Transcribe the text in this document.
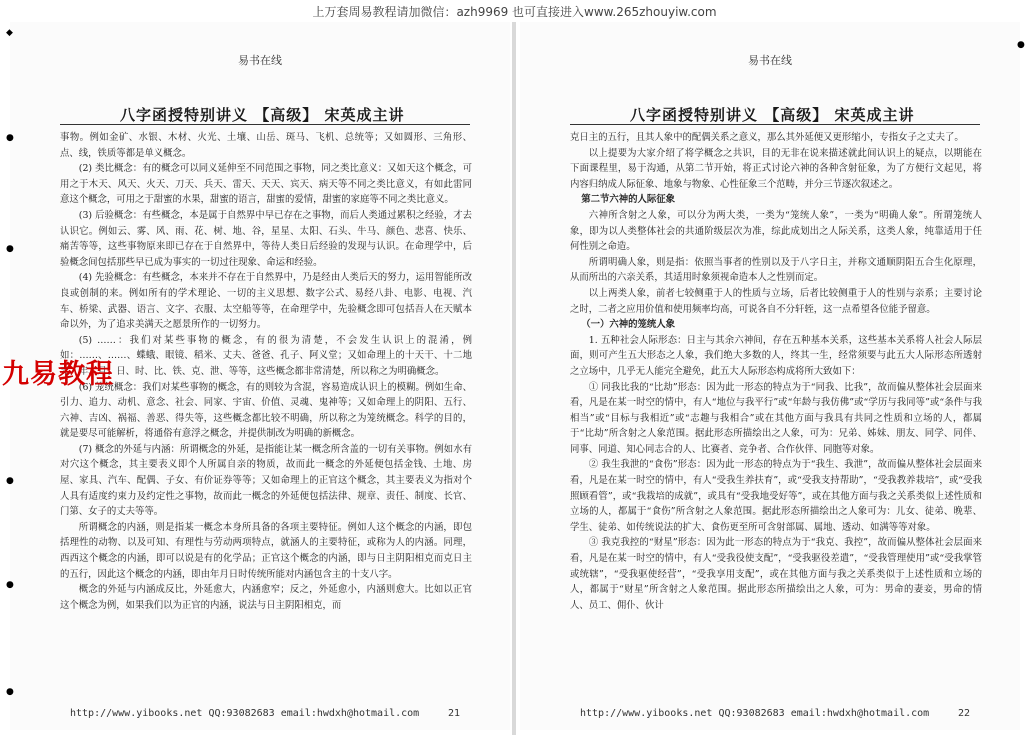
上万套周易教程请加微信：azh9969 也可直接进入www.265zhouyiw.com
易书在线
八字函授特别讲义 【高级】 宋英成主讲

事物。例如金矿、水银、木材、火光、土壤、山岳、斑马、飞机、总统等；又如圆形、三角形、点、线，铁质等都是单义概念。

(2) 类比概念：有的概念可以同义延伸至不同范围之事物，同之类比意义：又如天这个概念，可用之于木天、风天、火天、刀天、兵天、雷天、天天、宾天、病天等不同之类比意义，有如此雷同意这个概念，可用之于甜蜜的水果，甜蜜的语言，甜蜜的爱情，甜蜜的家庭等不同之类比意义。

(3) 后验概念：有些概念，本是属于自然界中早已存在之事物，而后人类通过累积之经验，才去认识它。例如云、雾、风、雨、花、树、地、谷，星星、太阳、石头、牛马、颜色、悲喜、快乐、痛苦等等，这些事物原来即已存在于自然界中，等待人类日后经验的发现与认识。在命理学中，后验概念间包括那些早已成为事实的一切过往现象、命运和经验。

(4) 先验概念：有些概念，本来并不存在于自然界中，乃是经由人类后天的努力，运用智能所改良或创制的来。例如所有的学术理论、一切的主义思想、数字公式、易经八卦、电影、电视、汽车、桥梁、武器、语言、文字、衣服、太空船等等，在命理学中，先验概念即可包括吾人在天赋本命以外，为了追求美满天之愿景所作的一切努力。

(5) ……：我们对某些事物的概念，有的很为清楚，不会发生认识上的混淆，例如：……、……、蝶蛾、眼镜、稻米、丈夫、爸爸、孔子、阿义堂；又如命理上的十天干、十二地支、年、月、日、时、比、铁、克、泄、等等，这些概念都非常清楚，所以称之为明确概念。

(6) 笼统概念：我们对某些事物的概念，有的则较为含混，容易造成认识上的模糊。例如生命、引力、追力、动机、意念、社会、同家、宇宙、价值、灵魂、鬼神等；又如命理上的阴阳、五行、六神、吉凶、祸福、善恶、得失等，这些概念都比较不明确，所以称之为笼统概念。科学的目的，就是要尽可能解析，将通俗有意浮之概念，并提供制改为明确的新概念。

(7) 概念的外延与内涵：所谓概念的外延，是指能让某一概念所含盖的一切有关事物。例如水有对穴这个概念，其主要表义即个人所属自亲的物质，故而此一概念的外延便包括金钱、土地、房屋、家具、汽车、配偶、子女、有价证券等等；又如命理上的正官这个概念，其主要表义为指对个人具有适度约束力及约定性之事物，故而此一概念的外延便包括法律、规章、责任、制度、长官、门第、女子的丈夫等等。

所谓概念的内涵，则是指某一概念本身所具备的各项主要特征。例如人这个概念的内涵，即包括理性的动物、以及可知、有理性与劳动两项特点，就涵人的主要特征，或称为人的内涵。同理，西西这个概念的内涵，即可以说是有的化学品；正官这个概念的内涵，即与日主阴阳相克而克日主的五行，因此这个概念的内涵，即由年月日时传统所能对内涵包含主的十支八字。

概念的外延与内涵成反比，外延愈大，内涵愈窄；反之，外延愈小，内涵则愈大。比如以正官这个概念为例，如果我们以为正官的内涵，说法与日主阴阳相克，而

http://www.yibooks.net QQ:93082683 email:hwdxh@hotmail.com	21
易书在线
八字函授特别讲义 【高级】 宋英成主讲

克日主的五行，且其人象中的配偶关系之意义，那么其外延便又更形缩小，专指女子之丈夫了。

以上提要为大家介绍了将学概念之共识，目的无非在说来描述就此间认识上的疑点，以期能在下面课程里，易于沟通，从第二节开始，将正式讨论六神的各种含射征象，为了方便行文起见，将内容归纳成人际征象、地象与物象、心性征象三个范畴，并分三节逐次叙述之。

第二节六神的人际征象

六神所含射之人象，可以分为两大类，一类为“笼统人象”，一类为“明确人象”。所谓笼统人象，即为以人类整体社会的共通阶级层次为准，综此成划出之人际关系，这类人象，纯靠适用于任何性别之命造。

所谓明确人象，则是指：依照当事者的性别以及于八字日主，并称文通顺阴阳五合生化原理，从而所出的六亲关系，其适用时象须视命造本人之性别而定。

以上两类人象，前者七较侧重于人的性质与立场，后者比较侧重于人的性别与亲系；主要讨论之时，二者之应用价值和使用频率均高，可说各自不分轩轾，这一点希望各位能予留意。

（一）六神的笼统人象

1. 五种社会人际形态：日主与其余六神间，存在五种基本关系，这些基本关系将人社会人际层面，则可产生五大形态之人象，我们绝大多数的人，终其一生，经常须要与此五大人际形态所透射之立场中，几乎无人能完全避免，此五大人际形态构成将所大致如下：

① 同我比我的“比劫”形态：因为此一形态的特点为于“同我、比我”，故而偏从整体社会层面来看，凡是在某一时空的情中，有人“地位与我平行”或“年龄与我仿佛”或“学历与我同等”或“条件与我相当”或“目标与我相近”或“志趣与我相合”或在其他方面与我具有共同之性质和立场的人，都属于“比劫”所含射之人象范围。据此形态所描绘出之人象，可为：兄弟、姊妹、朋友、同学、同伴、同事、同道、知心同志合的人、比赛者、竞争者、合作伙伴、同胞等对象。

② 我生我泄的“食伤”形态：因为此一形态的特点为于“我生、我泄”，故而偏从整体社会层面来看，凡是在某一时空的情中，有人“受我生养扶育”，或“受我支持帮助”，“受我教养栽培”，或“受我照顾看管”，或“我栽培的成就”，或具有“受我地受好等”，或在其他方面与我之关系类似上述性质和立场的人，都属于“食伤”所含射之人象范围。据此形态所描绘出之人象可为：儿女、徒弟、晚辈、学生、徒弟、如传统说法的扩大、食伤更至所可含射部属、属地、透动、如满等等对象。

③ 我克我控的“财星”形态：因为此一形态的特点为于“我克、我控”，故而偏从整体社会层面来看，凡是在某一时空的情中，有人“受我役使支配”，“受我驱役差遣”，“受我管理使用”或“受我掌管或统辖”，“受我驱使经营”，“受我享用支配”，或在其他方面与我之关系类似于上述性质和立场的人，都属于“财星”所含射之人象范围。据此形态所描绘出之人象，可为：男命的妻妾，男命的情人、员工、佣仆、伙计

http://www.yibooks.net QQ:93082683 email:hwdxh@hotmail.com	22
九易教程
◆
●
●
●
●
●
●
